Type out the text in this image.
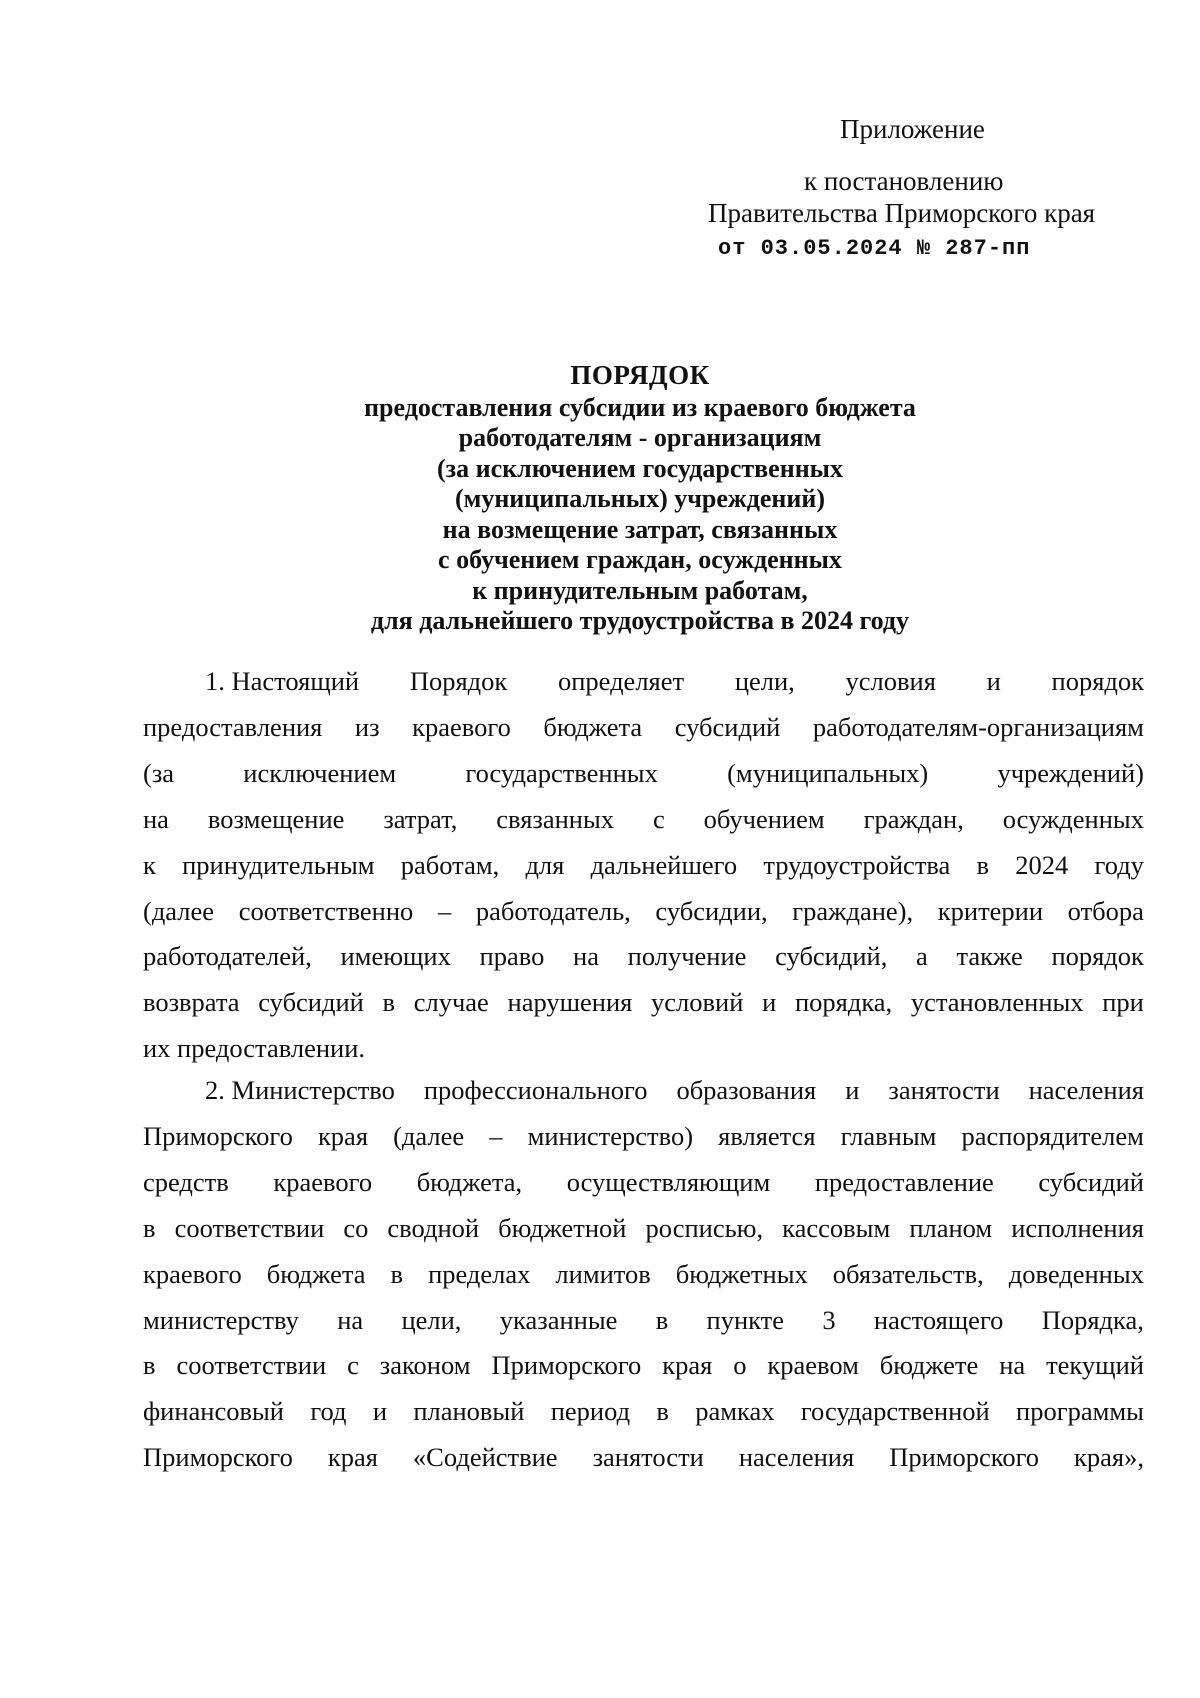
Приложение
к постановлению
Правительства Приморского края
от 03.05.2024 № 287-пп
ПОРЯДОК
предоставления субсидии из краевого бюджета
работодателям - организациям
(за исключением государственных
(муниципальных) учреждений)
на возмещение затрат, связанных
с обучением граждан, осужденных
к принудительным работам,
для дальнейшего трудоустройства в 2024 году
1. Настоящий Порядок определяет цели, условия и порядок
предоставления из краевого бюджета субсидий работодателям-организациям
(за	исключением	государственных	(муниципальных)	учреждений)
на возмещение затрат, связанных с обучением граждан, осужденных
к принудительным работам, для дальнейшего трудоустройства в 2024 году
(далее соответственно – работодатель, субсидии, граждане), критерии отбора
работодателей, имеющих право на получение субсидий, а также порядок
возврата субсидий в случае нарушения условий и порядка, установленных при
их предоставлении.
2. Министерство профессионального образования и занятости населения
Приморского края (далее – министерство) является главным распорядителем
средств краевого бюджета, осуществляющим предоставление субсидий
в соответствии со сводной бюджетной росписью, кассовым планом исполнения
краевого бюджета в пределах лимитов бюджетных обязательств, доведенных
министерству на цели, указанные в пункте 3 настоящего Порядка,
в соответствии с законом Приморского края о краевом бюджете на текущий
финансовый год и плановый период в рамках государственной программы
Приморского края «Содействие занятости населения Приморского края»,
